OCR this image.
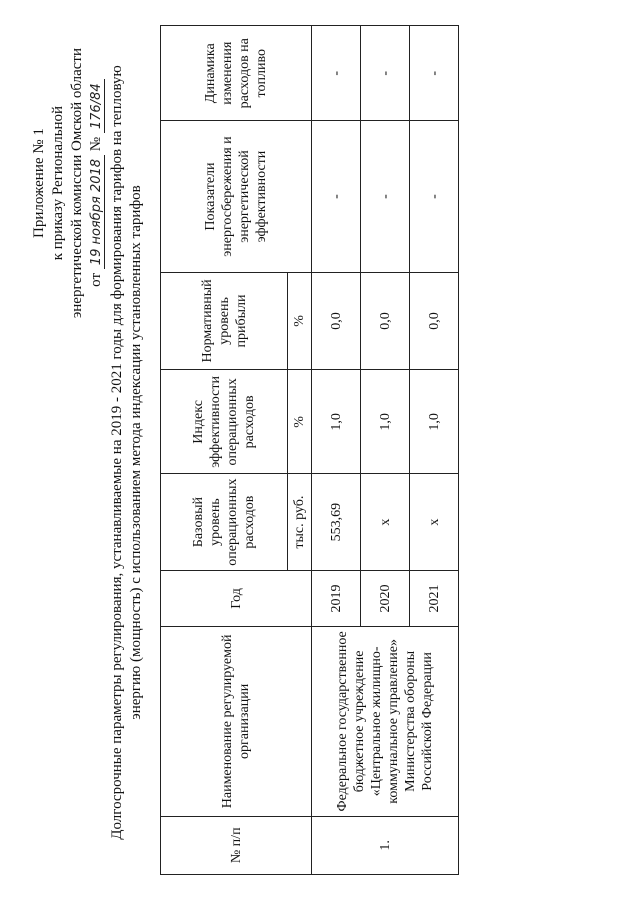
Приложение № 1 к приказу Региональной энергетической комиссии Омской области от 19 ноября 2018 № 176/84 Долгосрочные параметры регулирования, устанавливаемые на 2019 - 2021 годы для формирования тарифов на тепловую энергию (мощность) с использованием метода индексации установленных тарифов
№ п/п	Наименование регулируемой организации	Год	Базовый уровень операционных расходов	Индекс эффективности операционных расходов	Нормативный уровень прибыли	Показатели энергосбережения и энергетической эффективности	Динамика изменения расходов на топливо
			тыс. руб.	%	%		
1.	Федеральное государственное бюджетное учреждение «Центральное жилищно-коммунальное управление» Министерства обороны Российской Федерации	2019	553,69	1,0	0,0	-	-
		2020	x	1,0	0,0	-	-
		2021	x	1,0	0,0	-	-
